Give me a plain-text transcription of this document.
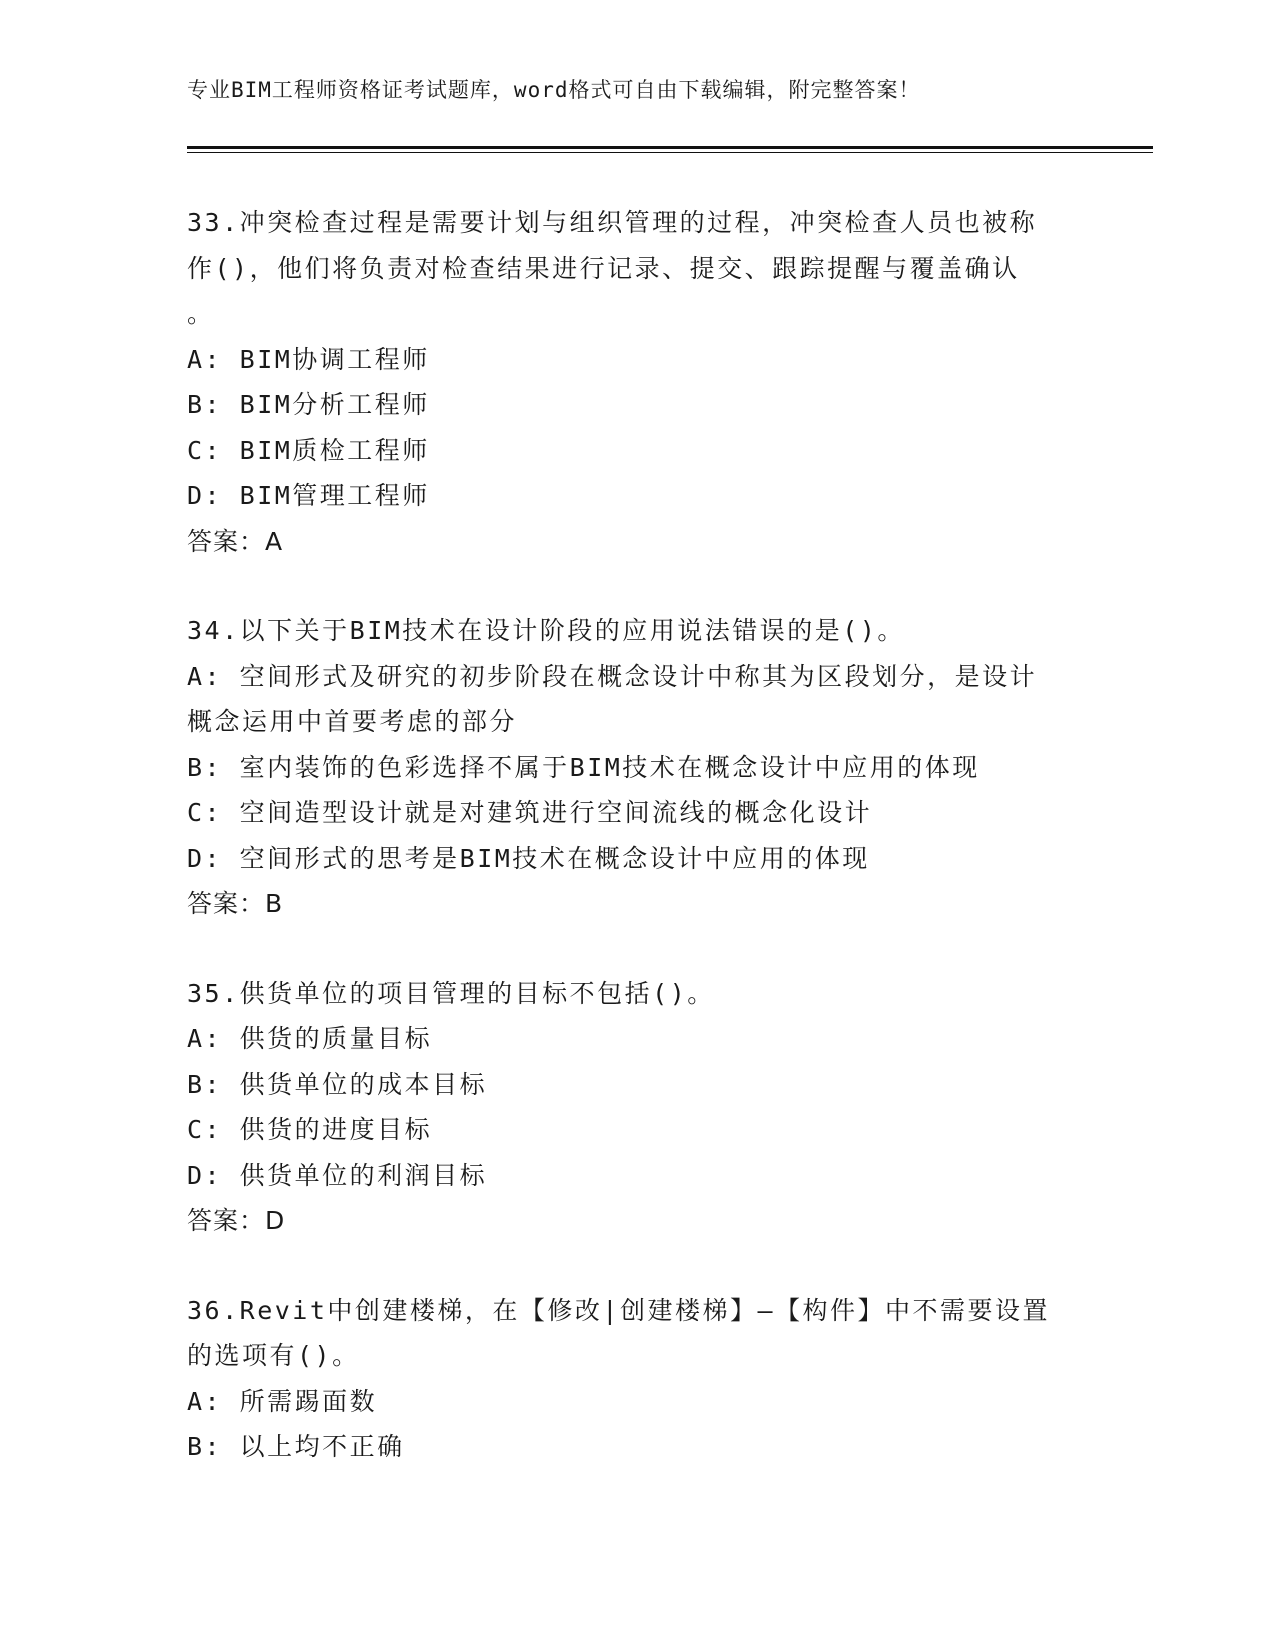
专业BIM工程师资格证考试题库，word格式可自由下载编辑，附完整答案！

33.冲突检查过程是需要计划与组织管理的过程，冲突检查人员也被称

作()，他们将负责对检查结果进行记录、提交、跟踪提醒与覆盖确认

。

A: BIM协调工程师

B: BIM分析工程师

C: BIM质检工程师

D: BIM管理工程师

答案：A

34.以下关于BIM技术在设计阶段的应用说法错误的是()。

A: 空间形式及研究的初步阶段在概念设计中称其为区段划分，是设计

概念运用中首要考虑的部分

B: 室内装饰的色彩选择不属于BIM技术在概念设计中应用的体现

C: 空间造型设计就是对建筑进行空间流线的概念化设计

D: 空间形式的思考是BIM技术在概念设计中应用的体现

答案：B

35.供货单位的项目管理的目标不包括()。

A: 供货的质量目标

B: 供货单位的成本目标

C: 供货的进度目标

D: 供货单位的利润目标

答案：D

36.Revit中创建楼梯，在【修改|创建楼梯】—【构件】中不需要设置

的选项有()。

A: 所需踢面数

B: 以上均不正确
